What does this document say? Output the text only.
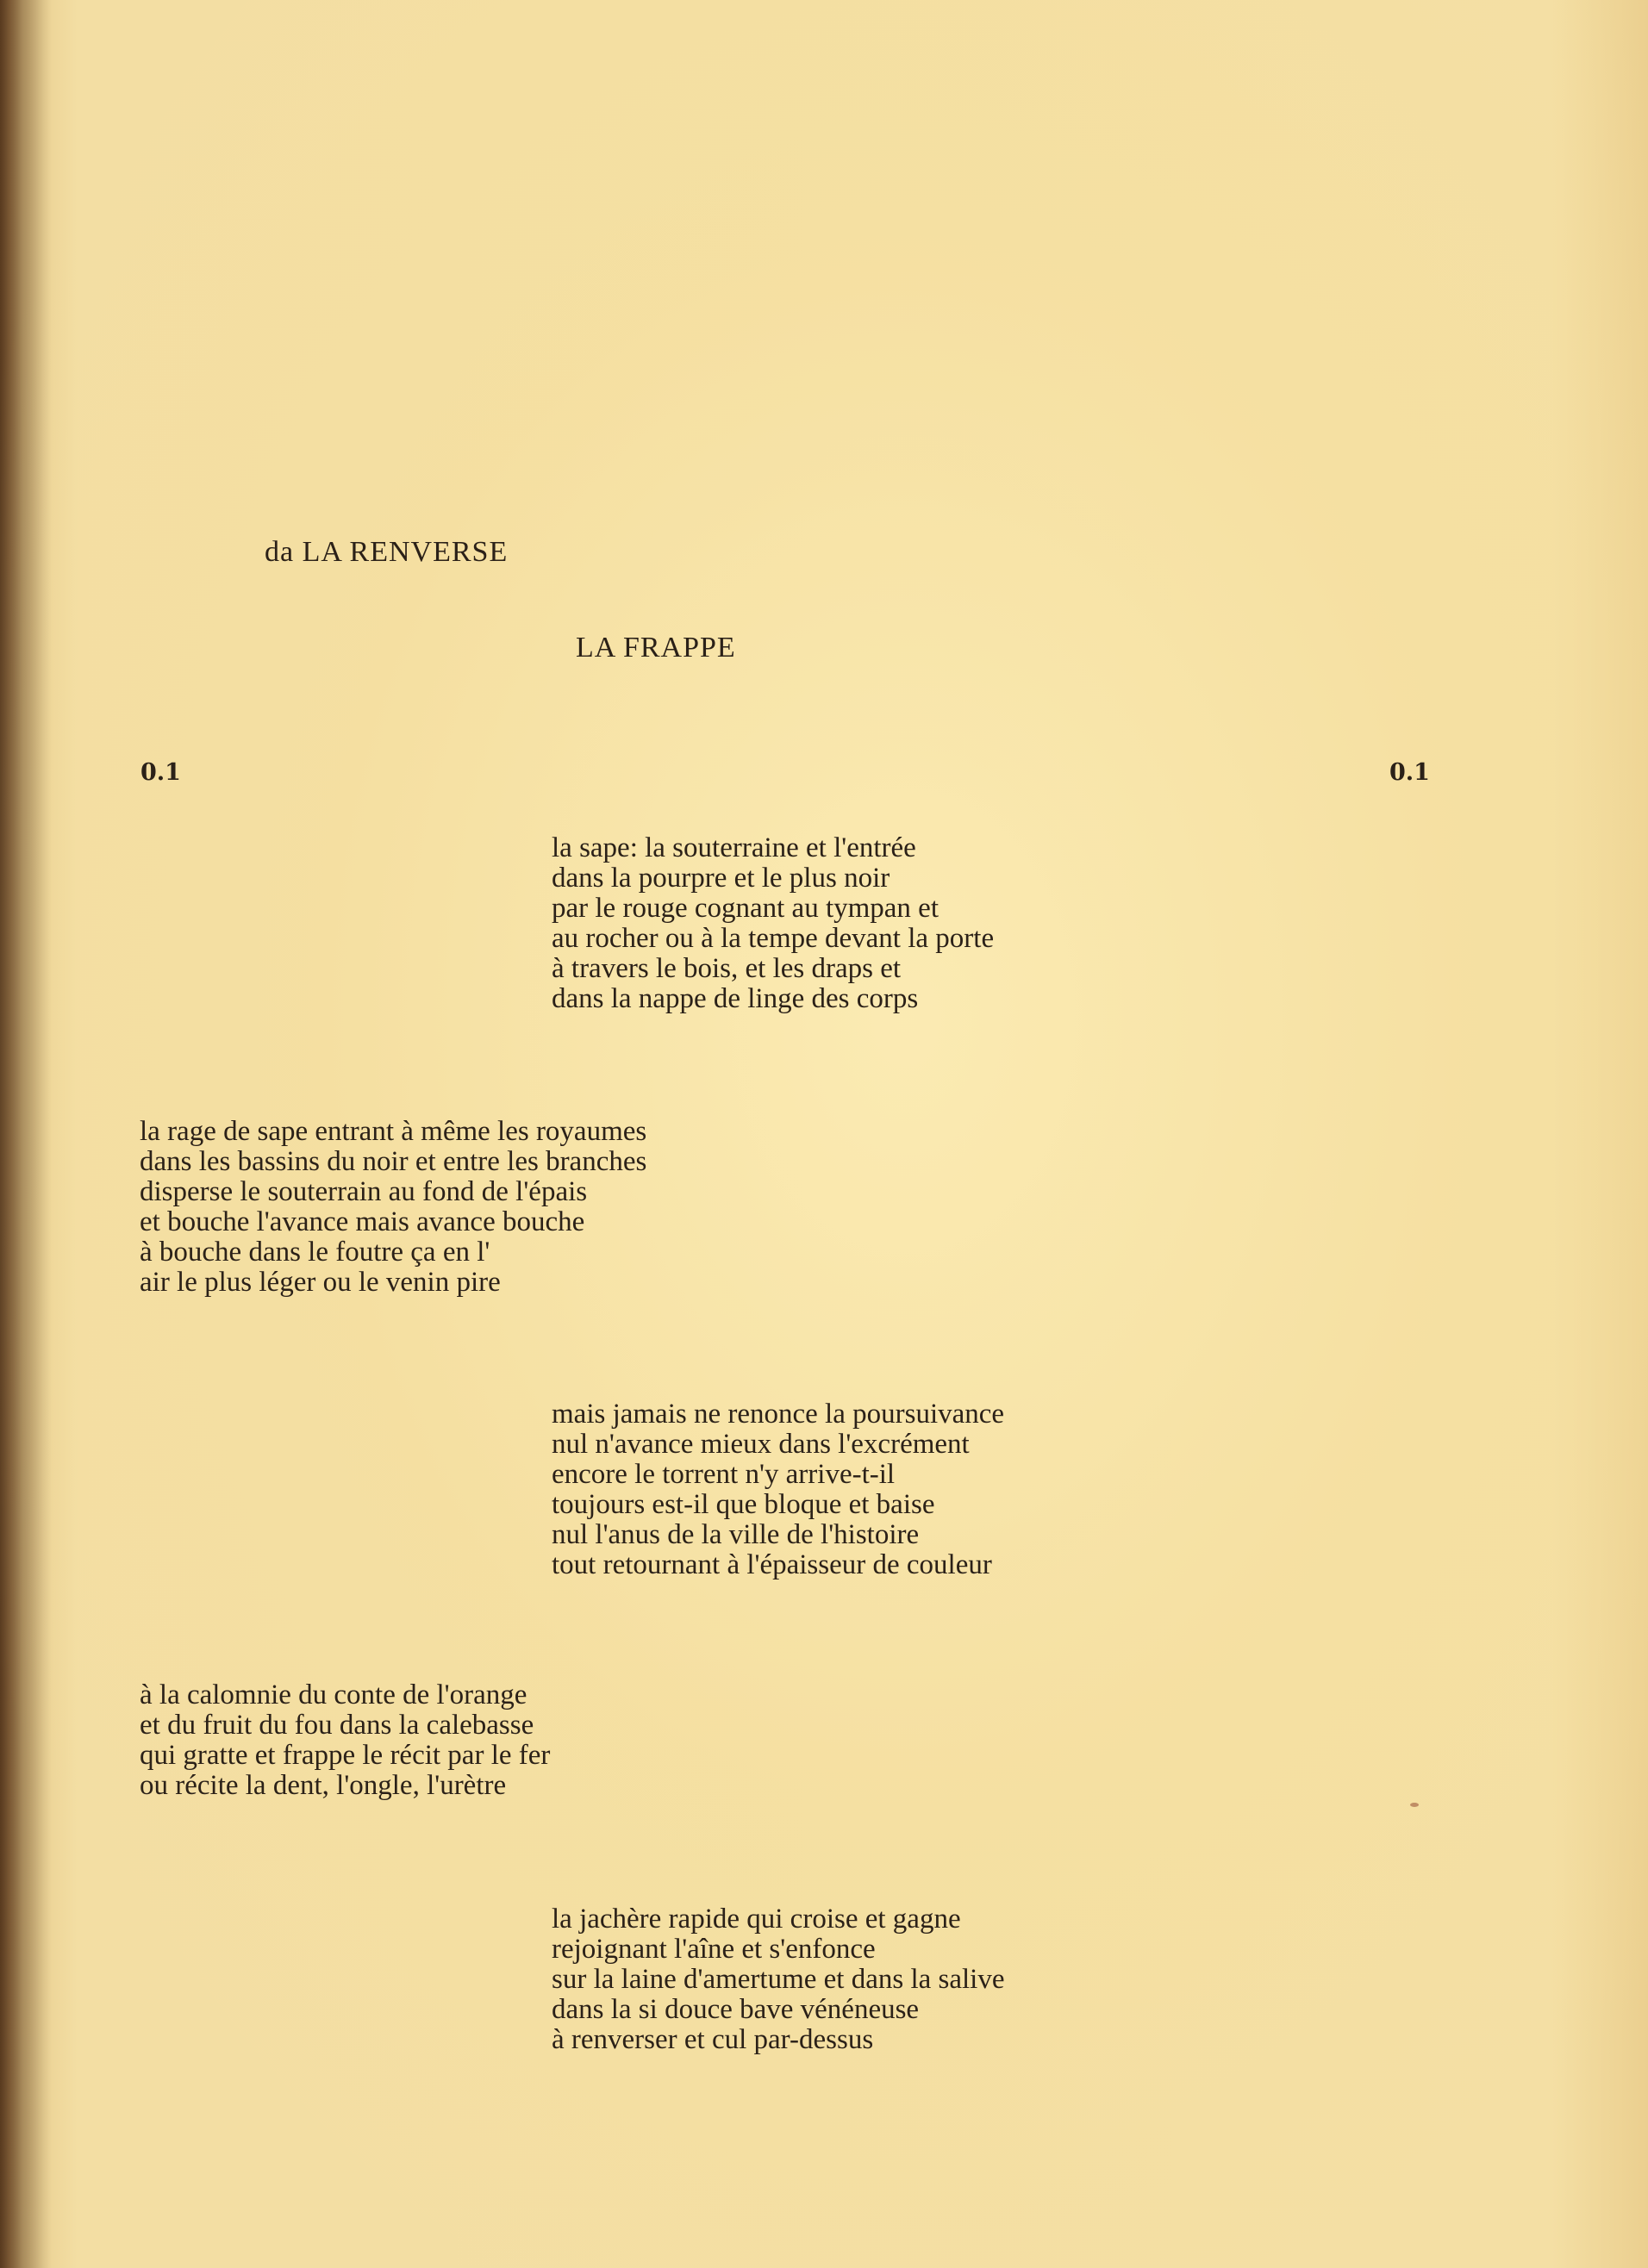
da LA RENVERSE
LA FRAPPE
0.1	0.1
la sape: la souterraine et l'entrée
dans la pourpre et le plus noir
par le rouge cognant au tympan et
au rocher ou à la tempe devant la porte
à travers le bois, et les draps et
dans la nappe de linge des corps
la rage de sape entrant à même les royaumes
dans les bassins du noir et entre les branches
disperse le souterrain au fond de l'épais
et bouche l'avance mais avance bouche
à bouche dans le foutre ça en l'
air le plus léger ou le venin pire
mais jamais ne renonce la poursuivance
nul n'avance mieux dans l'excrément
encore le torrent n'y arrive-t-il
toujours est-il que bloque et baise
nul l'anus de la ville de l'histoire
tout retournant à l'épaisseur de couleur
à la calomnie du conte de l'orange
et du fruit du fou dans la calebasse
qui gratte et frappe le récit par le fer
ou récite la dent, l'ongle, l'urètre
la jachère rapide qui croise et gagne
rejoignant l'aîne et s'enfonce
sur la laine d'amertume et dans la salive
dans la si douce bave vénéneuse
à renverser et cul par-dessus
